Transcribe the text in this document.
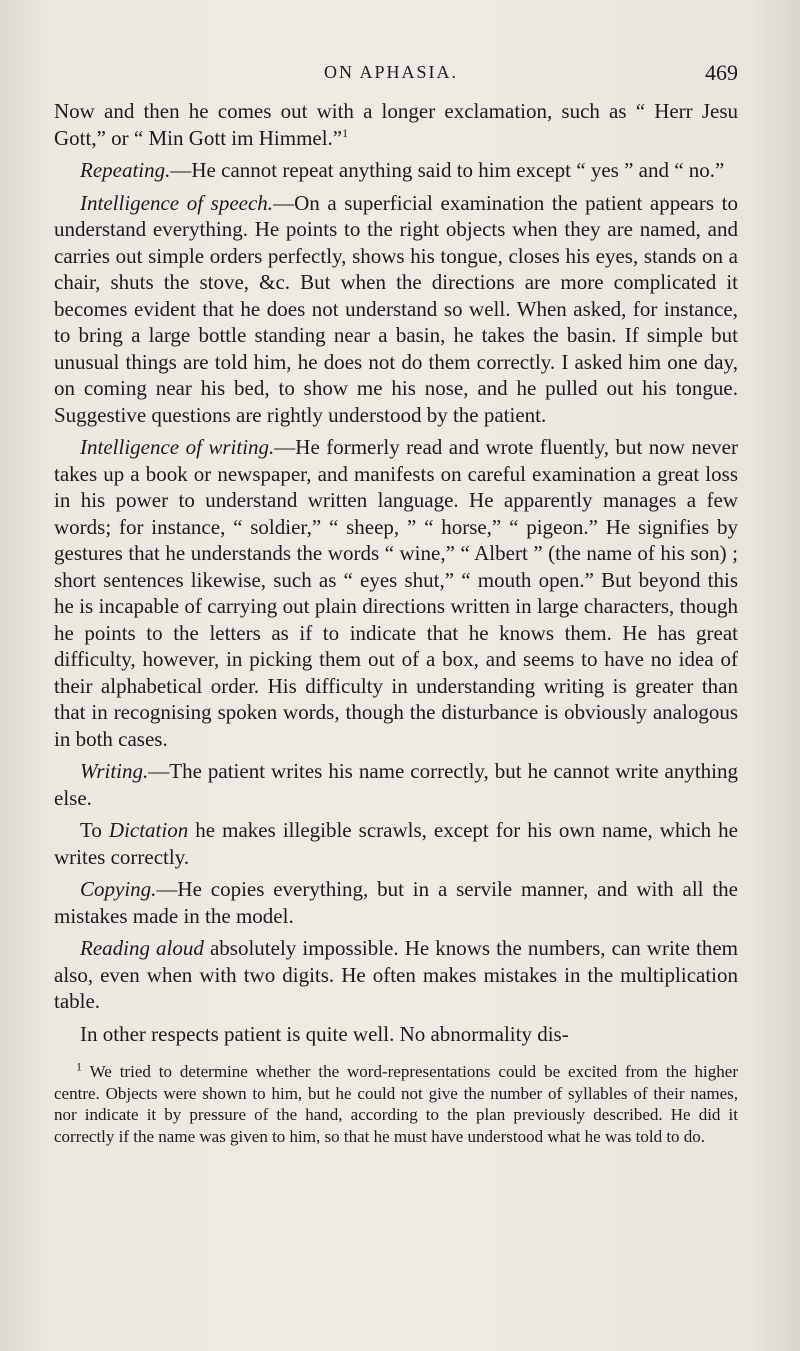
ON APHASIA.	469

Now and then he comes out with a longer exclamation, such as “ Herr Jesu Gott,” or “ Min Gott im Himmel.”$^1$

Repeating.—He cannot repeat anything said to him except “ yes ” and “ no.”

Intelligence of speech.—On a superficial examination the patient appears to understand everything. He points to the right objects when they are named, and carries out simple orders perfectly, shows his tongue, closes his eyes, stands on a chair, shuts the stove, &c. But when the directions are more complicated it becomes evident that he does not understand so well. When asked, for instance, to bring a large bottle standing near a basin, he takes the basin. If simple but unusual things are told him, he does not do them correctly. I asked him one day, on coming near his bed, to show me his nose, and he pulled out his tongue. Suggestive questions are rightly understood by the patient.

Intelligence of writing.—He formerly read and wrote fluently, but now never takes up a book or newspaper, and manifests on careful examination a great loss in his power to understand written language. He apparently manages a few words; for instance, “ soldier,” “ sheep, ” “ horse,” “ pigeon.” He signifies by gestures that he understands the words “ wine,” “ Albert ” (the name of his son) ; short sentences likewise, such as “ eyes shut,” “ mouth open.” But beyond this he is incapable of carrying out plain directions written in large characters, though he points to the letters as if to indicate that he knows them. He has great difficulty, however, in picking them out of a box, and seems to have no idea of their alphabetical order. His difficulty in understanding writing is greater than that in recognising spoken words, though the disturbance is obviously analogous in both cases.

Writing.—The patient writes his name correctly, but he cannot write anything else.

To Dictation he makes illegible scrawls, except for his own name, which he writes correctly.

Copying.—He copies everything, but in a servile manner, and with all the mistakes made in the model.

Reading aloud absolutely impossible. He knows the numbers, can write them also, even when with two digits. He often makes mistakes in the multiplication table.

In other respects patient is quite well. No abnormality dis-

$^1$ We tried to determine whether the word-representations could be excited from the higher centre. Objects were shown to him, but he could not give the number of syllables of their names, nor indicate it by pressure of the hand, according to the plan previously described. He did it correctly if the name was given to him, so that he must have understood what he was told to do.
